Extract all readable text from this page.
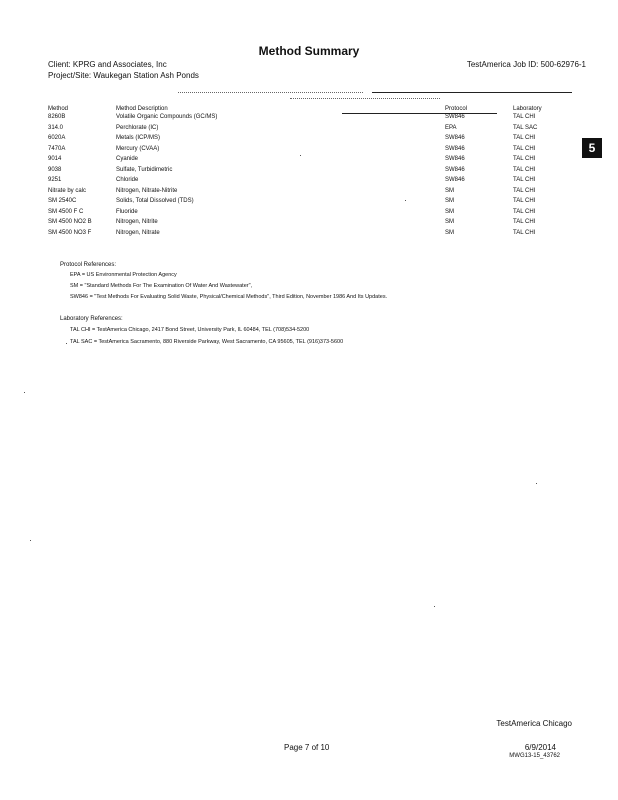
Method Summary
Client: KPRG and Associates, Inc
Project/Site: Waukegan Station Ash Ponds
TestAmerica Job ID: 500-62976-1
5
Method	Method Description	Protocol	Laboratory
8260B	Volatile Organic Compounds (GC/MS)	SW846	TAL CHI
314.0	Perchlorate (IC)	EPA	TAL SAC
6020A	Metals (ICP/MS)	SW846	TAL CHI
7470A	Mercury (CVAA)	SW846	TAL CHI
9014	Cyanide	SW846	TAL CHI
9038	Sulfate, Turbidimetric	SW846	TAL CHI
9251	Chloride	SW846	TAL CHI
Nitrate by calc	Nitrogen, Nitrate-Nitrite	SM	TAL CHI
SM 2540C	Solids, Total Dissolved (TDS)	SM	TAL CHI
SM 4500 F C	Fluoride	SM	TAL CHI
SM 4500 NO2 B	Nitrogen, Nitrite	SM	TAL CHI
SM 4500 NO3 F	Nitrogen, Nitrate	SM	TAL CHI
Protocol References:
EPA = US Environmental Protection Agency
SM = "Standard Methods For The Examination Of Water And Wastewater",
SW846 = "Test Methods For Evaluating Solid Waste, Physical/Chemical Methods", Third Edition, November 1986 And Its Updates.
Laboratory References:
TAL CHI = TestAmerica Chicago, 2417 Bond Street, University Park, IL 60484, TEL (708)534-5200
TAL SAC = TestAmerica Sacramento, 880 Riverside Parkway, West Sacramento, CA 95605, TEL (916)373-5600
TestAmerica Chicago
Page 7 of 10	6/9/2014
MWG13-15_43762
